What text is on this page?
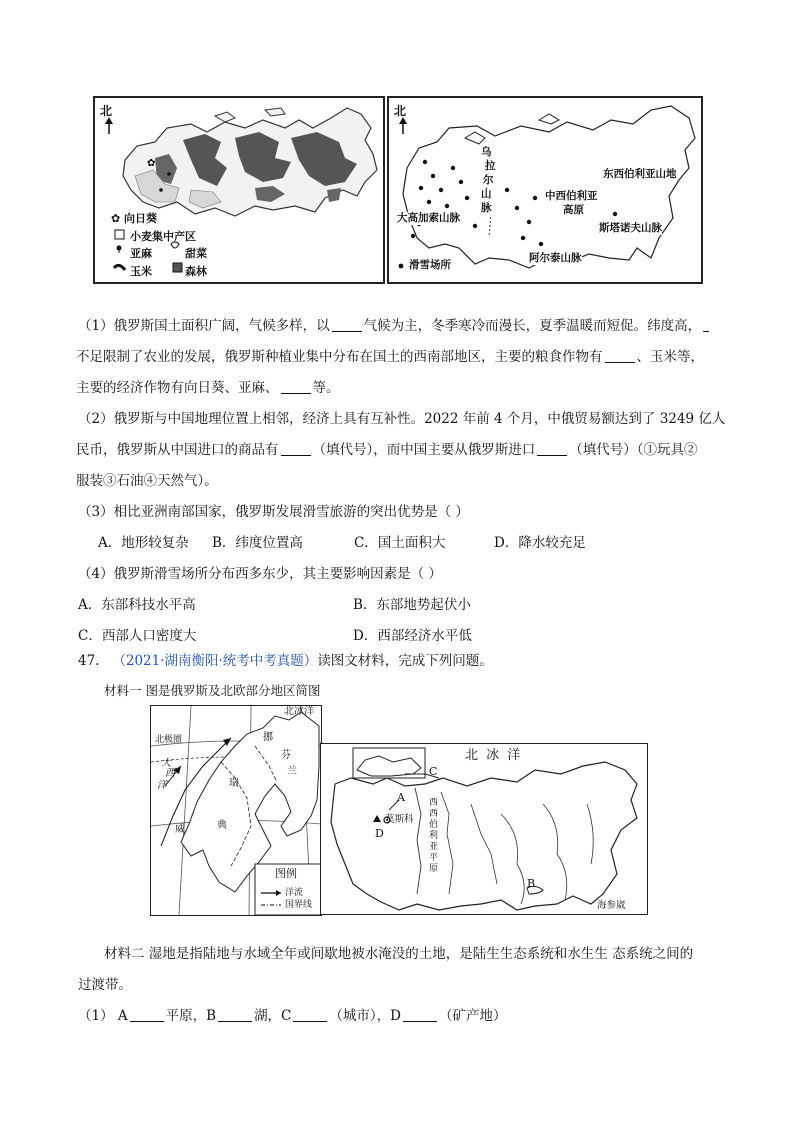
✿
北
✿ 向日葵
小麦集中产区
亚麻	甜菜
玉米	森林
北
乌
拉
尔
山
脉
东西伯利亚山地
中西伯利亚
高原
大高加索山脉
斯塔诺夫山脉
阿尔泰山脉
滑雪场所
（1）俄罗斯国土面积广阔，气候多样，以	气候为主，冬季寒冷而漫长，夏季温暖而短促。纬度高，
不足限制了农业的发展，俄罗斯种植业集中分布在国土的西南部地区，主要的粮食作物有	、玉米等，
主要的经济作物有向日葵、亚麻、	等。
（2）俄罗斯与中国地理位置上相邻，经济上具有互补性。2022 年前 4 个月，中俄贸易额达到了 3249 亿人
民币，俄罗斯从中国进口的商品有	（填代号），而中国主要从俄罗斯进口	（填代号）（①玩具②
服装③石油④天然气）。
（3）相比亚洲南部国家，俄罗斯发展滑雪旅游的突出优势是（ ）
A．地形较复杂 B．纬度位置高	C．国土面积大	D．降水较充足
（4）俄罗斯滑雪场所分布西多东少，其主要影响因素是（ ）
A．东部科技水平高	B．东部地势起伏小
C．西部人口密度大	D．西部经济水平低
47. （2021·湖南衡阳·统考中考真题）读图文材料，完成下列问题。
材料一 图是俄罗斯及北欧部分地区简图
北冰洋
北极圈
大
西
洋
挪
威
瑞
典
芬
兰
图例
洋流
国界线
北 冰 洋
C
A
莫斯科
D
西
西
伯
利
亚
平
原
B
海参崴
材料二 湿地是指陆地与水域全年或间歇地被水淹没的土地，是陆生生态系统和水生生 态系统之间的
过渡带。
（1） A	平原，B	湖，C	（城市），D	（矿产地）
